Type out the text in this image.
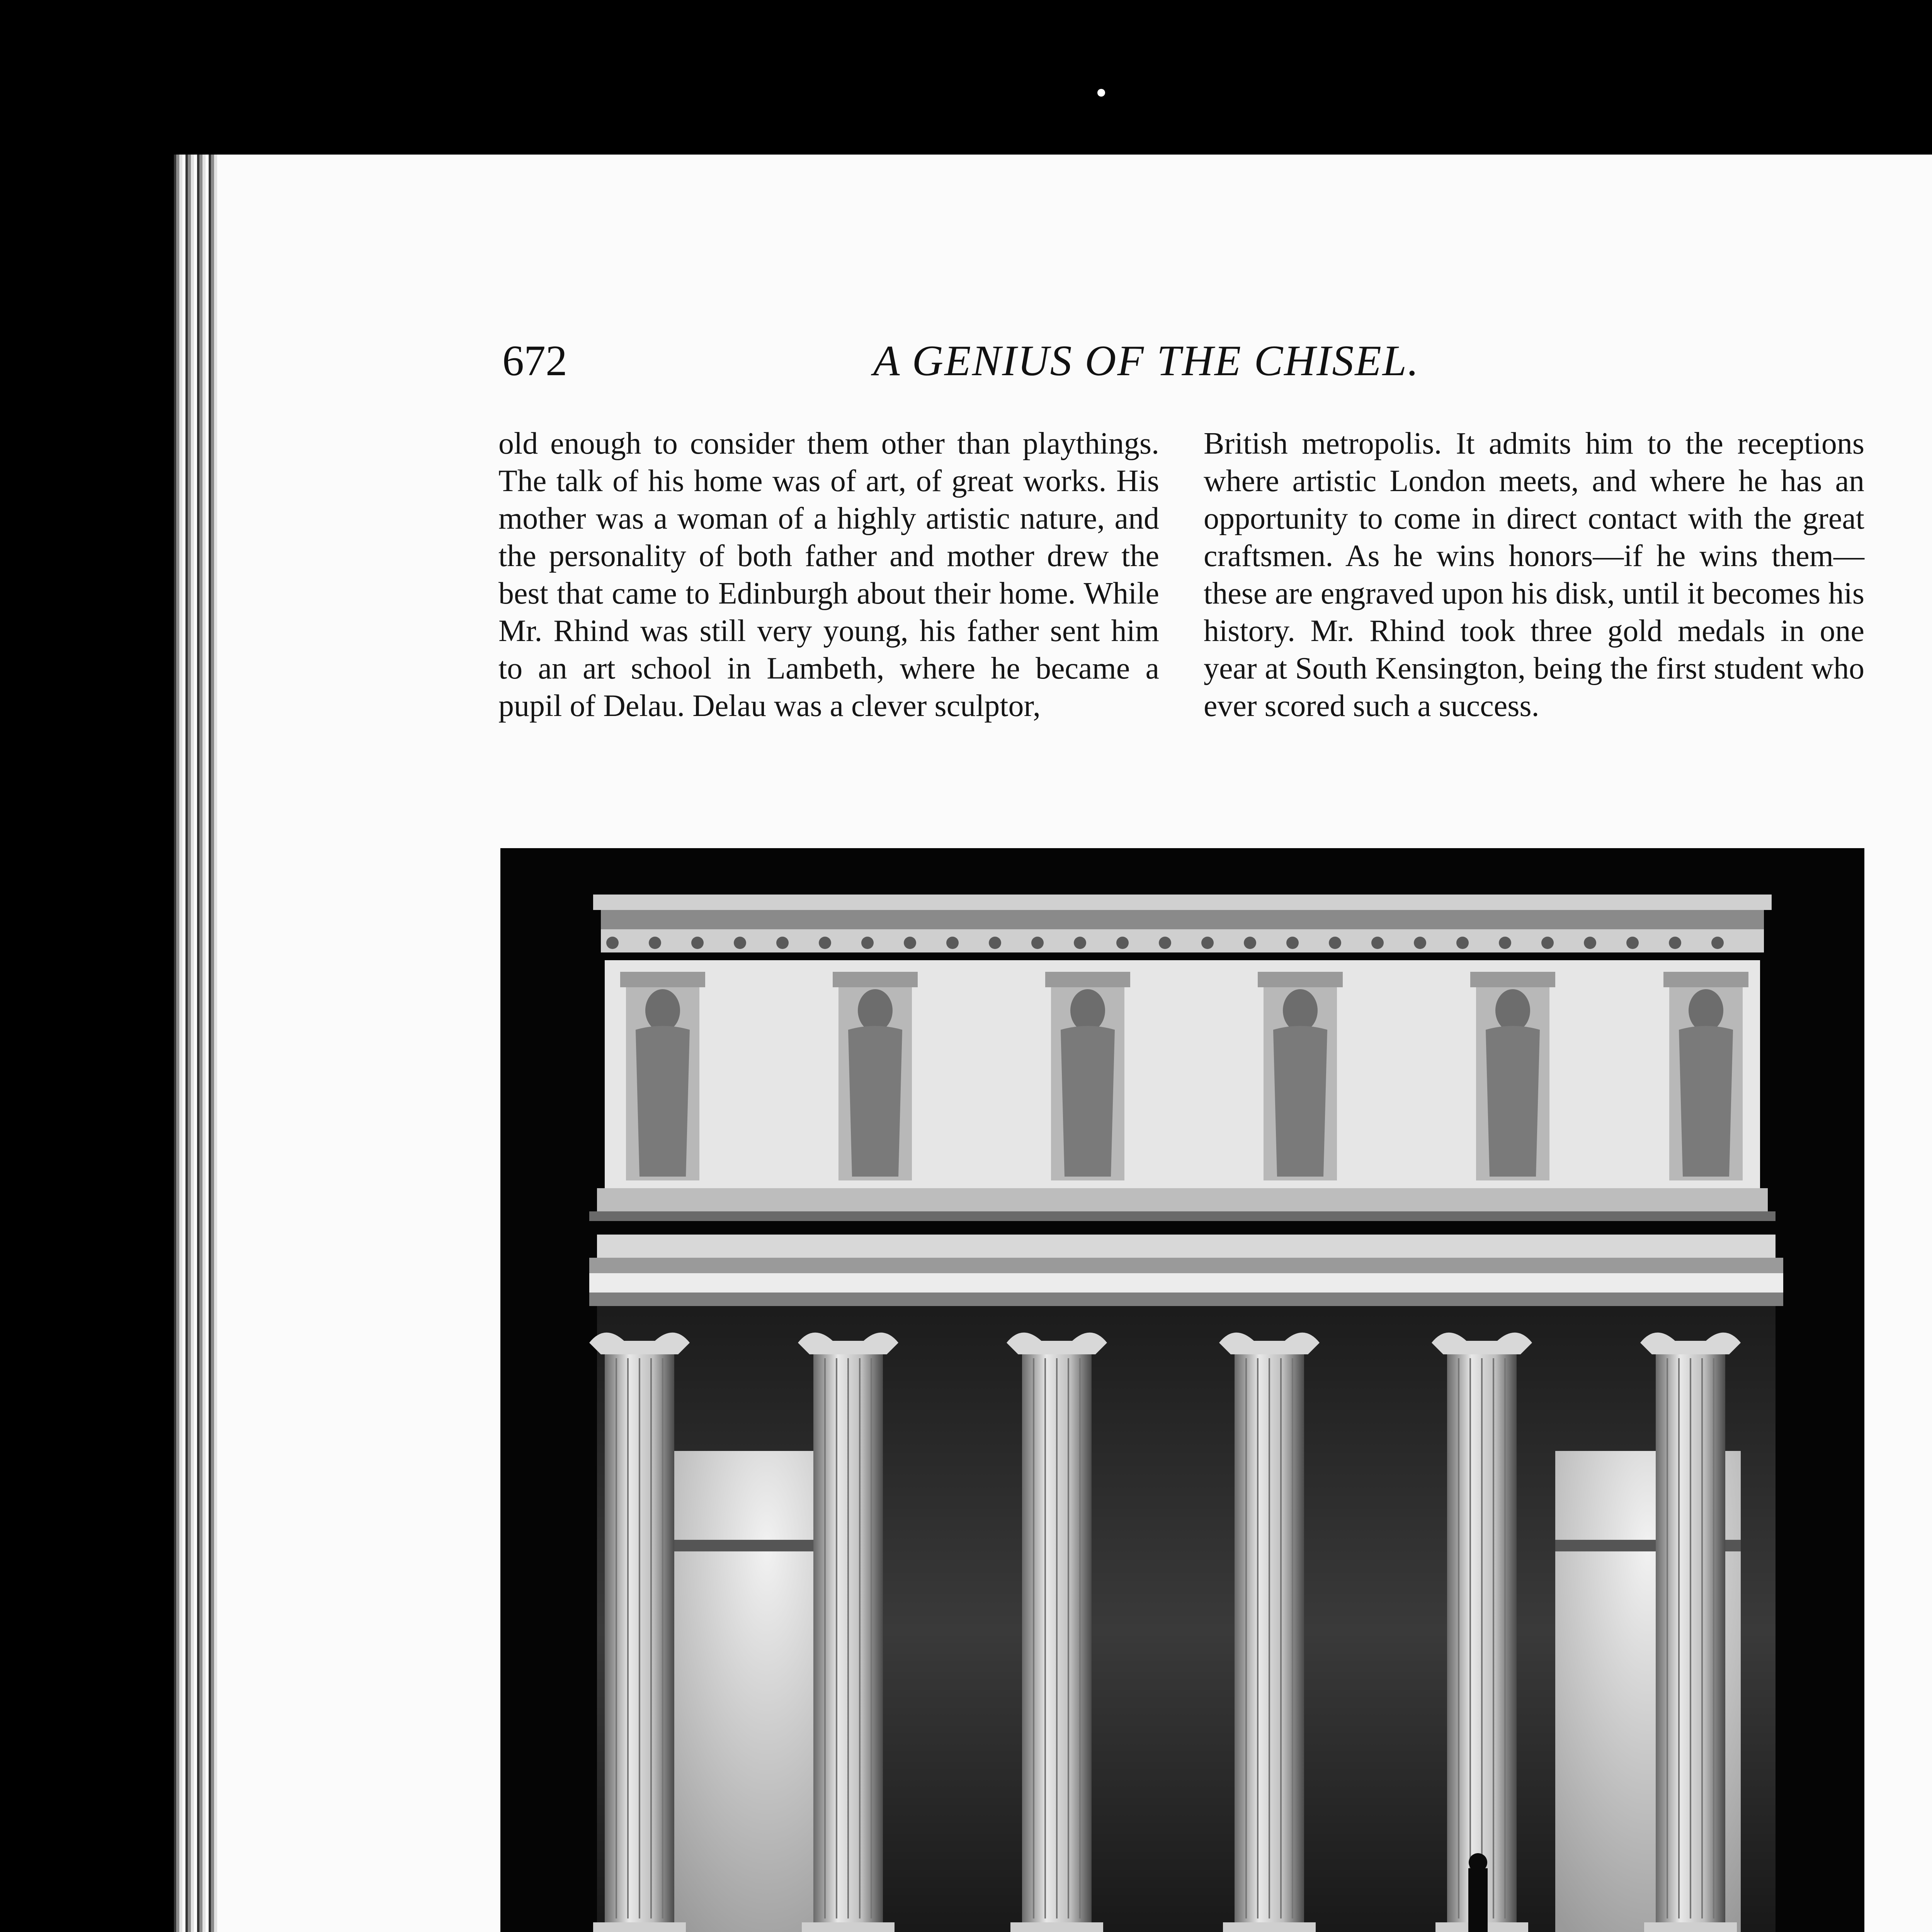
672	A GENIUS OF THE CHISEL.

old enough to consider them other than playthings. The talk of his home was of art, of great works. His mother was a woman of a highly artistic nature, and the personality of both father and mother drew the best that came to Edinburgh about their home. While Mr. Rhind was still very young, his father sent him to an art school in Lambeth, where he became a pupil of Delau. Delau was a clever sculptor,

British metropolis. It admits him to the receptions where artistic London meets, and where he has an opportunity to come in direct contact with the great craftsmen. As he wins honors—if he wins them—these are engraved upon his disk, until it becomes his history. Mr. Rhind took three gold medals in one year at South Kensington, being the first student who ever scored such a success.
